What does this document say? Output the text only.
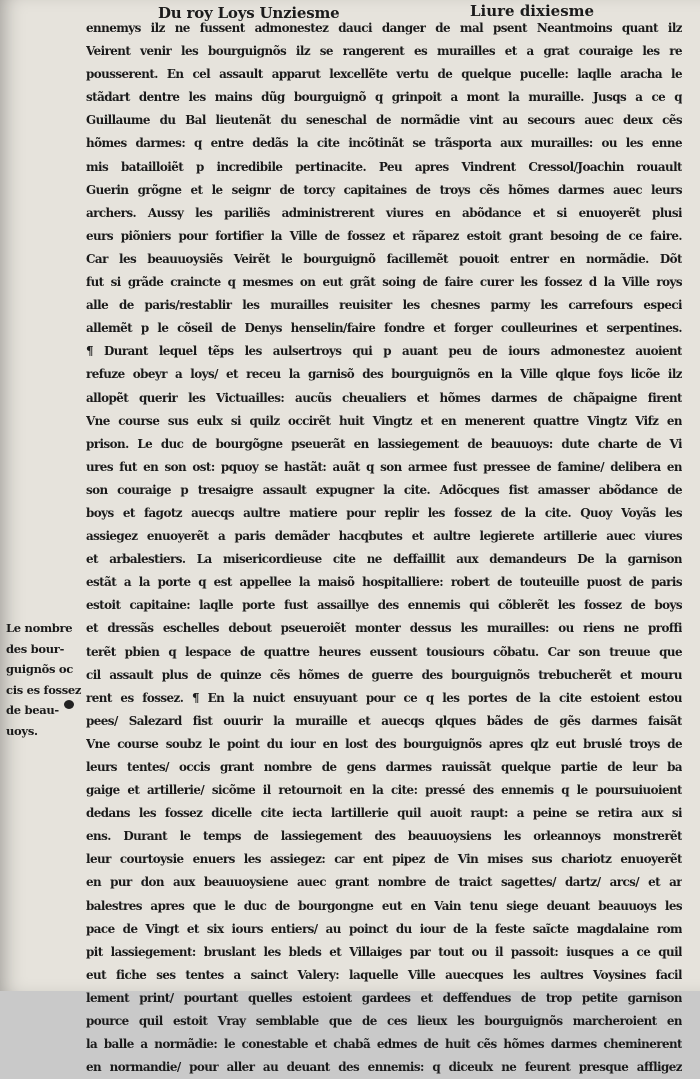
Du roy Loys Unziesme	Liure dixiesme
ennemys ilz ne fussent admonestez dauci danger de mal psent Neantmoins quant ilz
Veirent venir les bourguignõs ilz se rangerent es murailles et a grat couraige les re
pousserent. En cel assault apparut lexcellẽte vertu de quelque pucelle: laqlle aracha le
stãdart dentre les mains dũg bourguignõ q grinpoit a mont la muraille. Jusqs a ce q
Guillaume du Bal lieutenãt du seneschal de normãdie vint au secours auec deux cẽs
hõmes darmes: q entre dedãs la cite incõtinãt se trãsporta aux murailles: ou les enne
mis batailloiẽt p incredibile pertinacite. Peu apres Vindrent Cressol/Joachin rouault
Guerin grõgne et le seignr de torcy capitaines de troys cẽs hõmes darmes auec leurs
archers. Aussy les pariliẽs administrerent viures en abõdance et si enuoyerẽt plusi
eurs piõniers pour fortifier la Ville de fossez et rãparez estoit grant besoing de ce faire.
Car les beauuoysiẽs Veirẽt le bourguignõ facillemẽt pouoit entrer en normãdie. Dõt
fut si grãde craincte q mesmes on eut grãt soing de faire curer les fossez d la Ville roys
alle de paris/restablir les murailles reuisiter les chesnes parmy les carrefours especi
allemẽt p le cõseil de Denys henselin/faire fondre et forger coulleurines et serpentines.
¶ Durant lequel tẽps les aulsertroys qui p auant peu de iours admonestez auoient
refuze obeyr a loys/ et receu la garnisõ des bourguignõs en la Ville qlque foys licõe ilz
allopẽt querir les Victuailles: aucũs cheualiers et hõmes darmes de chãpaigne firent
Vne course sus eulx si quilz occirẽt huit Vingtz et en menerent quattre Vingtz Vifz en
prison. Le duc de bourgõgne pseuerãt en lassiegement de beauuoys: dute charte de Vi
ures fut en son ost: pquoy se hastãt: auãt q son armee fust pressee de famine/ delibera en
son couraige p tresaigre assault expugner la cite. Adõcques fist amasser abõdance de
boys et fagotz auecqs aultre matiere pour replir les fossez de la cite. Quoy Voyãs les
assiegez enuoyerẽt a paris demãder hacqbutes et aultre legierete artillerie auec viures
et arbalestiers. La misericordieuse cite ne deffaillit aux demandeurs De la garnison
estãt a la porte q est appellee la maisõ hospitalliere: robert de touteuille puost de paris
estoit capitaine: laqlle porte fust assaillye des ennemis qui cõblerẽt les fossez de boys
et dressãs eschelles debout pseueroiẽt monter dessus les murailles: ou riens ne proffi
terẽt pbien q lespace de quattre heures eussent tousiours cõbatu. Car son treuue que
cil assault plus de quinze cẽs hõmes de guerre des bourguignõs trebucherẽt et mouru
rent es fossez. ¶ En la nuict ensuyuant pour ce q les portes de la cite estoient estou
pees/ Salezard fist ouurir la muraille et auecqs qlques bãdes de gẽs darmes faisãt
Vne course soubz le point du iour en lost des bourguignõs apres qlz eut bruslé troys de
leurs tentes/ occis grant nombre de gens darmes rauissãt quelque partie de leur ba
gaige et artillerie/ sicõme il retournoit en la cite: pressé des ennemis q le poursuiuoient
dedans les fossez dicelle cite iecta lartillerie quil auoit raupt: a peine se retira aux si
ens. Durant le temps de lassiegement des beauuoysiens les orleannoys monstrerẽt
leur courtoysie enuers les assiegez: car ent pipez de Vin mises sus chariotz enuoyerẽt
en pur don aux beauuoysiene auec grant nombre de traict sagettes/ dartz/ arcs/ et ar
balestres apres que le duc de bourgongne eut en Vain tenu siege deuant beauuoys les
pace de Vingt et six iours entiers/ au poinct du iour de la feste saĩcte magdalaine rom
pit lassiegement: bruslant les bleds et Villaiges par tout ou il passoit: iusques a ce quil
eut fiche ses tentes a sainct Valery: laquelle Ville auecques les aultres Voysines facil
lement print/ pourtant quelles estoient gardees et deffendues de trop petite garnison
pource quil estoit Vray semblable que de ces lieux les bourguignõs marcheroient en
la balle a normãdie: le conestable et chabã edmes de huit cẽs hõmes darmes cheminerent
en normandie/ pour aller au deuant des ennemis: q diceulx ne feurent presque affligez
Le nombre
des bour-
guignõs oc
cis es fossez
de beau-
uoys.
